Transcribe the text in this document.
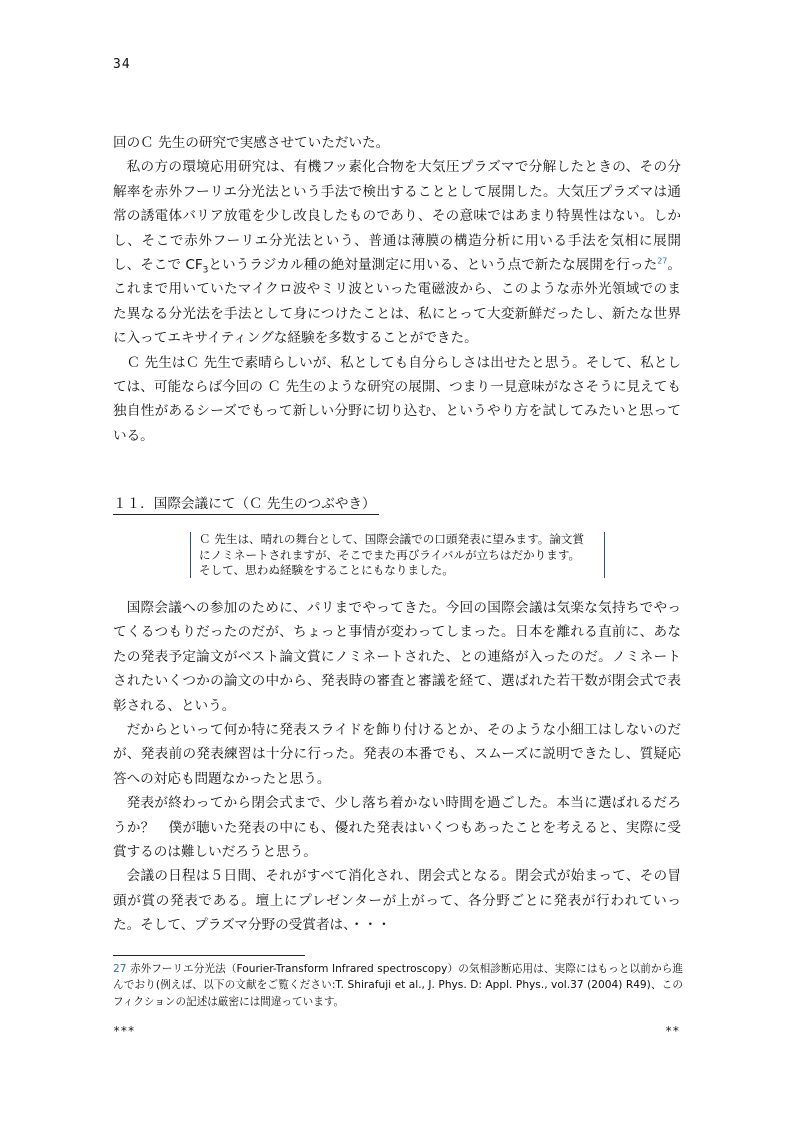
34

回のＣ 先生の研究で実感させていただいた。

私の方の環境応用研究は、有機フッ素化合物を大気圧プラズマで分解したときの、その分解率を赤外フーリエ分光法という手法で検出することとして展開した。大気圧プラズマは通常の誘電体バリア放電を少し改良したものであり、その意味ではあまり特異性はない。しかし、そこで赤外フーリエ分光法という、普通は薄膜の構造分析に用いる手法を気相に展開し、そこで $CF_3$というラジカル種の絶対量測定に用いる、という点で新たな展開を行った$^{27}$。これまで用いていたマイクロ波やミリ波といった電磁波から、このような赤外光領域でのまた異なる分光法を手法として身につけたことは、私にとって大変新鮮だったし、新たな世界に入ってエキサイティングな経験を多数することができた。

Ｃ 先生はＣ 先生で素晴らしいが、私としても自分らしさは出せたと思う。そして、私としては、可能ならば今回の Ｃ 先生のような研究の展開、つまり一見意味がなさそうに見えても独自性があるシーズでもって新しい分野に切り込む、というやり方を試してみたいと思っている。

１１．国際会議にて（Ｃ 先生のつぶやき）
Ｃ 先生は、晴れの舞台として、国際会議での口頭発表に望みます。論文賞
にノミネートされますが、そこでまた再びライバルが立ちはだかります。
そして、思わぬ経験をすることにもなりました。

国際会議への参加のために、パリまでやってきた。今回の国際会議は気楽な気持ちでやってくるつもりだったのだが、ちょっと事情が変わってしまった。日本を離れる直前に、あなたの発表予定論文がベスト論文賞にノミネートされた、との連絡が入ったのだ。ノミネートされたいくつかの論文の中から、発表時の審査と審議を経て、選ばれた若干数が閉会式で表彰される、という。

だからといって何か特に発表スライドを飾り付けるとか、そのような小細工はしないのだが、発表前の発表練習は十分に行った。発表の本番でも、スムーズに説明できたし、質疑応答への対応も問題なかったと思う。

発表が終わってから閉会式まで、少し落ち着かない時間を過ごした。本当に選ばれるだろうか？　僕が聴いた発表の中にも、優れた発表はいくつもあったことを考えると、実際に受賞するのは難しいだろうと思う。

会議の日程は５日間、それがすべて消化され、閉会式となる。閉会式が始まって、その冒頭が賞の発表である。壇上にプレゼンターが上がって、各分野ごとに発表が行われていった。そして、プラズマ分野の受賞者は、・・・

27 赤外フーリエ分光法（Fourier-Transform Infrared spectroscopy）の気相診断応用は、実際にはもっと以前から進んでおり(例えば、以下の文献をご覧ください:T. Shirafuji et al., J. Phys. D: Appl. Phys., vol.37 (2004) R49)、このフィクションの記述は厳密には間違っています。
***	**
